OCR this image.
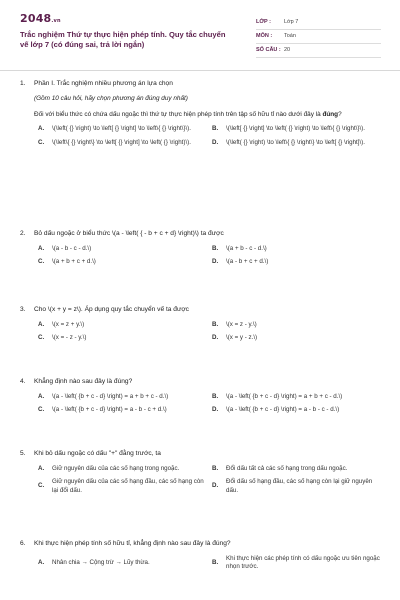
2048.vn
Trắc nghiệm Thứ tự thực hiện phép tính. Quy tắc chuyển vế lớp 7 (có đúng sai, trả lời ngắn)
LỚP :	Lớp 7
MÔN :	Toán
SỐ CÂU : 20
1.	Phần I. Trắc nghiệm nhiều phương án lựa chọn
(Gồm 10 câu hỏi, hãy chọn phương án đúng duy nhất)
Đối với biểu thức có chứa dấu ngoặc thì thứ tự thực hiện phép tính trên tập số hữu tỉ nào dưới đây là đúng?
A.	\(\left( {} \right) \to \left[ {} \right] \to \left\{ {} \right\}\).	B.	\(\left[ {} \right] \to \left( {} \right) \to \left\{ {} \right\}\).
C.	\(\left\{ {} \right\} \to \left[ {} \right] \to \left( {} \right)\).	D.	\(\left( {} \right) \to \left\{ {} \right\} \to \left[ {} \right]\).
2.	Bỏ dấu ngoặc ở biểu thức \(a - \left( { - b + c + d} \right)\) ta được
A.	\(a - b - c - d.\)	B.	\(a + b - c - d.\)
C.	\(a + b + c + d.\)	D.	\(a - b + c + d.\)
3.	Cho \(x + y = z\). Áp dụng quy tắc chuyển vế ta được
A.	\(x = z + y.\)	B.	\(x = z - y.\)
C.	\(x = - z - y.\)	D.	\(x = y - z.\)
4.	Khẳng định nào sau đây là đúng?
A.	\(a - \left( {b + c - d} \right) = a + b + c - d.\)	B.	\(a - \left( {b + c - d} \right) = a + b + c - d.\)
C.	\(a - \left( {b + c - d} \right) = a - b - c + d.\)	D.	\(a - \left( {b + c - d} \right) = a - b - c - d.\)
5.	Khi bỏ dấu ngoặc có dấu "+" đằng trước, ta
A.	Giữ nguyên dấu của các số hạng trong ngoặc.	B.	Đổi dấu tất cả các số hạng trong dấu ngoặc.
C.
Giữ nguyên dấu của các số hạng đầu, các số hạng còn lại đổi dấu.
D.
Đổi dấu số hạng đầu, các số hạng còn lại giữ nguyên dấu.
6.	Khi thực hiện phép tính số hữu tỉ, khẳng định nào sau đây là đúng?
A.	Nhân chia → Cộng trừ → Lũy thừa.	B.
Khi thực hiện các phép tính có dấu ngoặc ưu tiên ngoặc nhọn trước.
